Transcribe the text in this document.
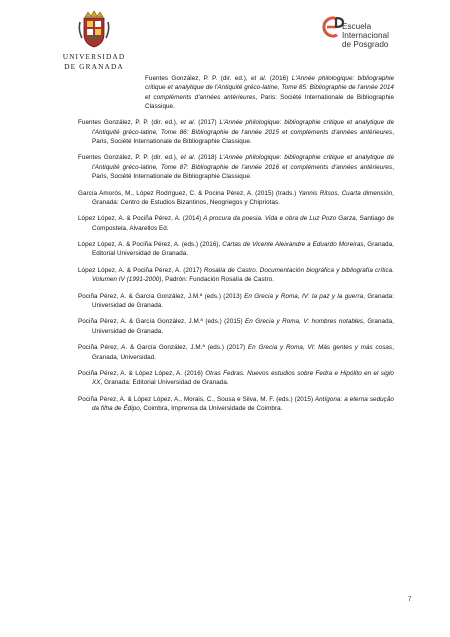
UNIVERSIDAD
DE GRANADA
Escuela
Internacional
de Posgrado
Fuentes González, P. P. (dir. ed.), et al. (2016) L'Année philologique: bibliographie critique et analytique de l'Antiquité gréco-latine, Tome 85: Bibliographie de l'année 2014 et compléments d'années antérieures, Paris: Société Internationale de Bibliographie Classique.
Fuentes González, P. P. (dir. ed.), et al. (2017) L'Année philologique: bibliographie critique et analytique de l'Antiquité gréco-latine, Tome 86: Bibliographie de l'année 2015 et compléments d'années antérieures, Paris, Société Internationale de Bibliographie Classique.
Fuentes González, P. P. (dir. ed.), et al. (2018) L'Année philologique: bibliographie critique et analytique de l'Antiquité gréco-latine, Tome 87: Bibliographie de l'année 2016 et compléments d'années antérieures, Paris, Société Internationale de Bibliographie Classique.
García Amorós, M., López Rodríguez, C. & Pocina Pérez, A. (2015) (trads.) Yannis Ritsos, Cuarta dimensión, Granada: Centro de Estudios Bizantinos, Neogriegos y Chipriotas.
López López, A. & Pociña Pérez, A. (2014) A procura da poesia. Vida e obra de Luz Pozo Garza, Santiago de Compostela, Alvarellos Ed.
López López, A. & Pociña Pérez, A. (eds.) (2016), Cartas de Vicente Aleixandre a Eduardo Moreiras, Granada, Editorial Universidad de Granada.
López López, A. & Pociña Pérez, A. (2017) Rosalía de Castro. Documentación biográfica y bibliografía crítica. Volumen IV (1991-2000), Padrón: Fundación Rosalía de Castro.
Pociña Pérez, A. & García González, J.M.ª (eds.) (2013) En Grecia y Roma, IV: la paz y la guerra, Granada: Universidad de Granada.
Pociña Pérez, A. & García González, J.M.ª (eds.) (2015) En Grecia y Roma, V: hombres notables, Granada, Universidad de Granada.
Pociña Pérez, A. & García González, J.M.ª (eds.) (2017) En Grecia y Roma, VI: Más gentes y más cosas, Granada, Universidad.
Pociña Pérez, A. & López López, A. (2016) Otras Fedras. Nuevos estudios sobre Fedra e Hipólito en el siglo XX, Granada: Editorial Universidad de Granada.
Pociña Pérez, A. & López López, A., Morais, C., Sousa e Silva, M. F. (eds.) (2015) Antígona: a eterna sedução da filha de Édipo, Coimbra, Imprensa da Universidade de Coimbra.
7
